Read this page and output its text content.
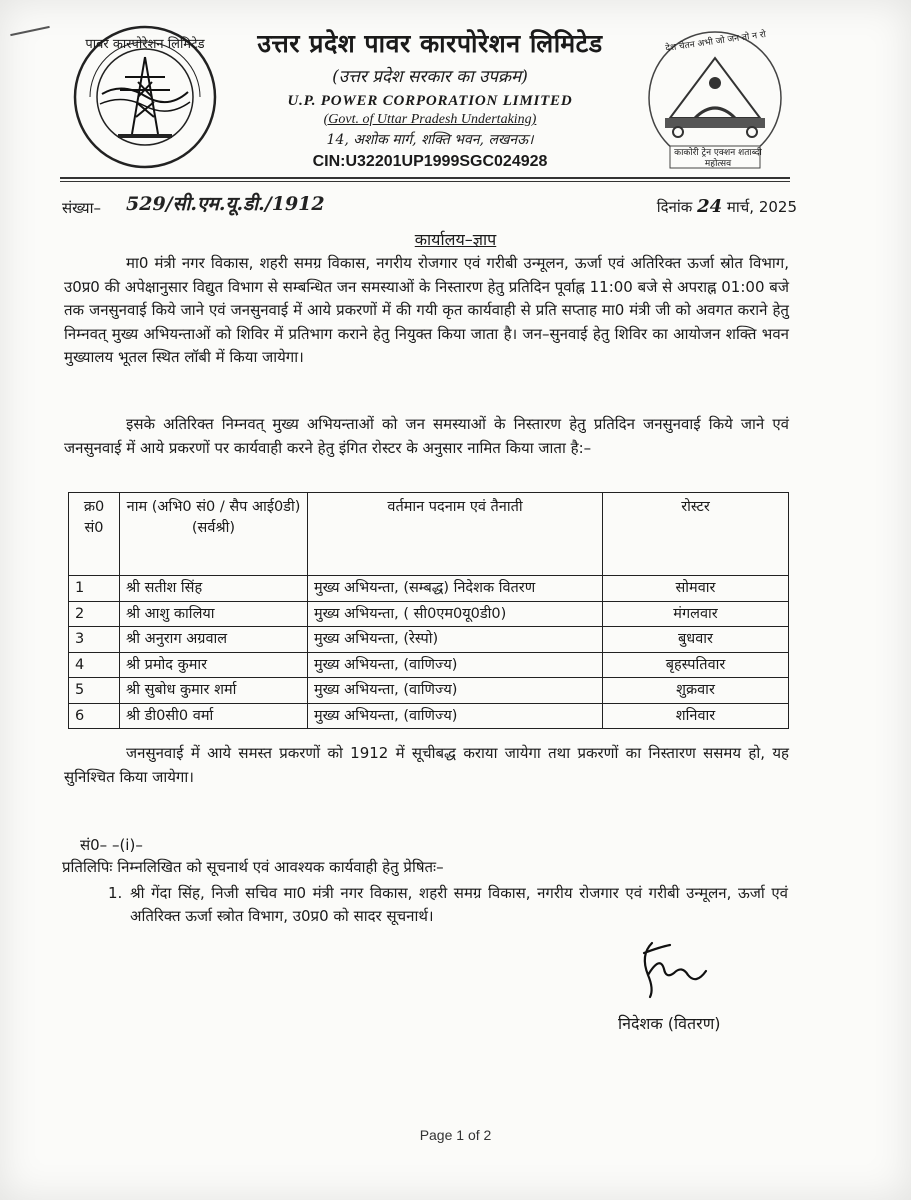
पावर कारपोरेशन लिमिटेड	देश चेतन अभी जो जन तो न रो
काकोरी ट्रेन एक्शन शताब्दी महोत्सव
उत्तर प्रदेश पावर कारपोरेशन लिमिटेड
(उत्तर प्रदेश सरकार का उपक्रम)
U.P. POWER CORPORATION LIMITED
(Govt. of Uttar Pradesh Undertaking)
14, अशोक मार्ग, शक्ति भवन, लखनऊ।
CIN:U32201UP1999SGC024928
संख्या– 529/सी.एम.यू.डी./1912	दिनांक 24 मार्च, 2025
कार्यालय–ज्ञाप
मा0 मंत्री नगर विकास, शहरी समग्र विकास, नगरीय रोजगार एवं गरीबी उन्मूलन, ऊर्जा एवं अतिरिक्त ऊर्जा स्रोत विभाग, उ0प्र0 की अपेक्षानुसार विद्युत विभाग से सम्बन्धित जन समस्याओं के निस्तारण हेतु प्रतिदिन पूर्वाह्न 11:00 बजे से अपराह्न 01:00 बजे तक जनसुनवाई किये जाने एवं जनसुनवाई में आये प्रकरणों में की गयी कृत कार्यवाही से प्रति सप्ताह मा0 मंत्री जी को अवगत कराने हेतु निम्नवत् मुख्य अभियन्ताओं को शिविर में प्रतिभाग कराने हेतु नियुक्त किया जाता है। जन–सुनवाई हेतु शिविर का आयोजन शक्ति भवन मुख्यालय भूतल स्थित लॉबी में किया जायेगा।
इसके अतिरिक्त निम्नवत् मुख्य अभियन्ताओं को जन समस्याओं के निस्तारण हेतु प्रतिदिन जनसुनवाई किये जाने एवं जनसुनवाई में आये प्रकरणों पर कार्यवाही करने हेतु इंगित रोस्टर के अनुसार नामित किया जाता है:–
क्र0 सं0	नाम (अभि0 सं0 / सैप आई0डी) (सर्वश्री)	वर्तमान पदनाम एवं तैनाती	रोस्टर
1	श्री सतीश सिंह	मुख्य अभियन्ता, (सम्बद्ध) निदेशक वितरण	सोमवार
2	श्री आशु कालिया	मुख्य अभियन्ता, ( सी0एम0यू0डी0)	मंगलवार
3	श्री अनुराग अग्रवाल	मुख्य अभियन्ता, (रेस्पो)	बुधवार
4	श्री प्रमोद कुमार	मुख्य अभियन्ता, (वाणिज्य)	बृहस्पतिवार
5	श्री सुबोध कुमार शर्मा	मुख्य अभियन्ता, (वाणिज्य)	शुक्रवार
6	श्री डी0सी0 वर्मा	मुख्य अभियन्ता, (वाणिज्य)	शनिवार
जनसुनवाई में आये समस्त प्रकरणों को 1912 में सूचीबद्ध कराया जायेगा तथा प्रकरणों का निस्तारण ससमय हो, यह सुनिश्चित किया जायेगा।
सं0– –(i)–
प्रतिलिपिः निम्नलिखित को सूचनार्थ एवं आवश्यक कार्यवाही हेतु प्रेषितः–
1. श्री गेंदा सिंह, निजी सचिव मा0 मंत्री नगर विकास, शहरी समग्र विकास, नगरीय रोजगार एवं गरीबी उन्मूलन, ऊर्जा एवं अतिरिक्त ऊर्जा स्त्रोत विभाग, उ0प्र0 को सादर सूचनार्थ।
निदेशक (वितरण)
Page 1 of 2
